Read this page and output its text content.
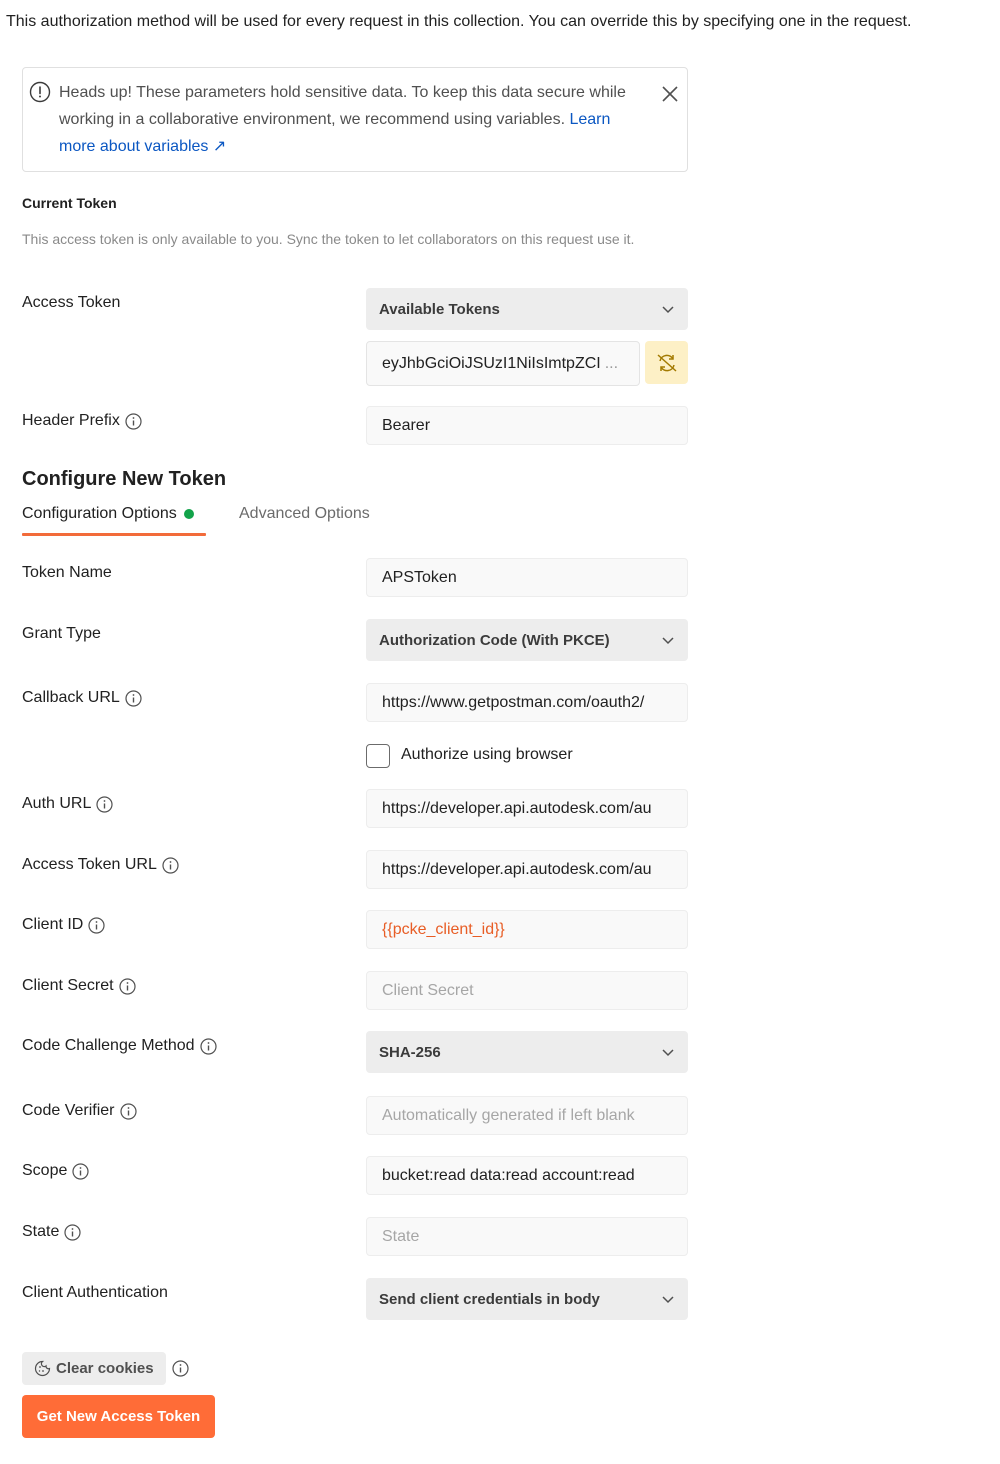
This authorization method will be used for every request in this collection. You can override this by specifying one in the request.
Heads up! These parameters hold sensitive data. To keep this data secure while working in a collaborative environment, we recommend using variables. Learn more about variables ↗
Current Token
This access token is only available to you. Sync the token to let collaborators on this request use it.
Access Token	Available Tokens
eyJhbGciOiJSUzI1NiIsImtpZCI ...
Header Prefix	Bearer
Configure New Token
Configuration Options	Advanced Options
Token Name	APSToken
Grant Type	Authorization Code (With PKCE)
Callback URL	https://www.getpostman.com/oauth2/
Authorize using browser
Auth URL	https://developer.api.autodesk.com/au
Access Token URL	https://developer.api.autodesk.com/au
Client ID	{{pcke_client_id}}
Client Secret	Client Secret
Code Challenge Method	SHA-256
Code Verifier	Automatically generated if left blank
Scope	bucket:read data:read account:read
State	State
Client Authentication	Send client credentials in body
Clear cookies
Get New Access Token
